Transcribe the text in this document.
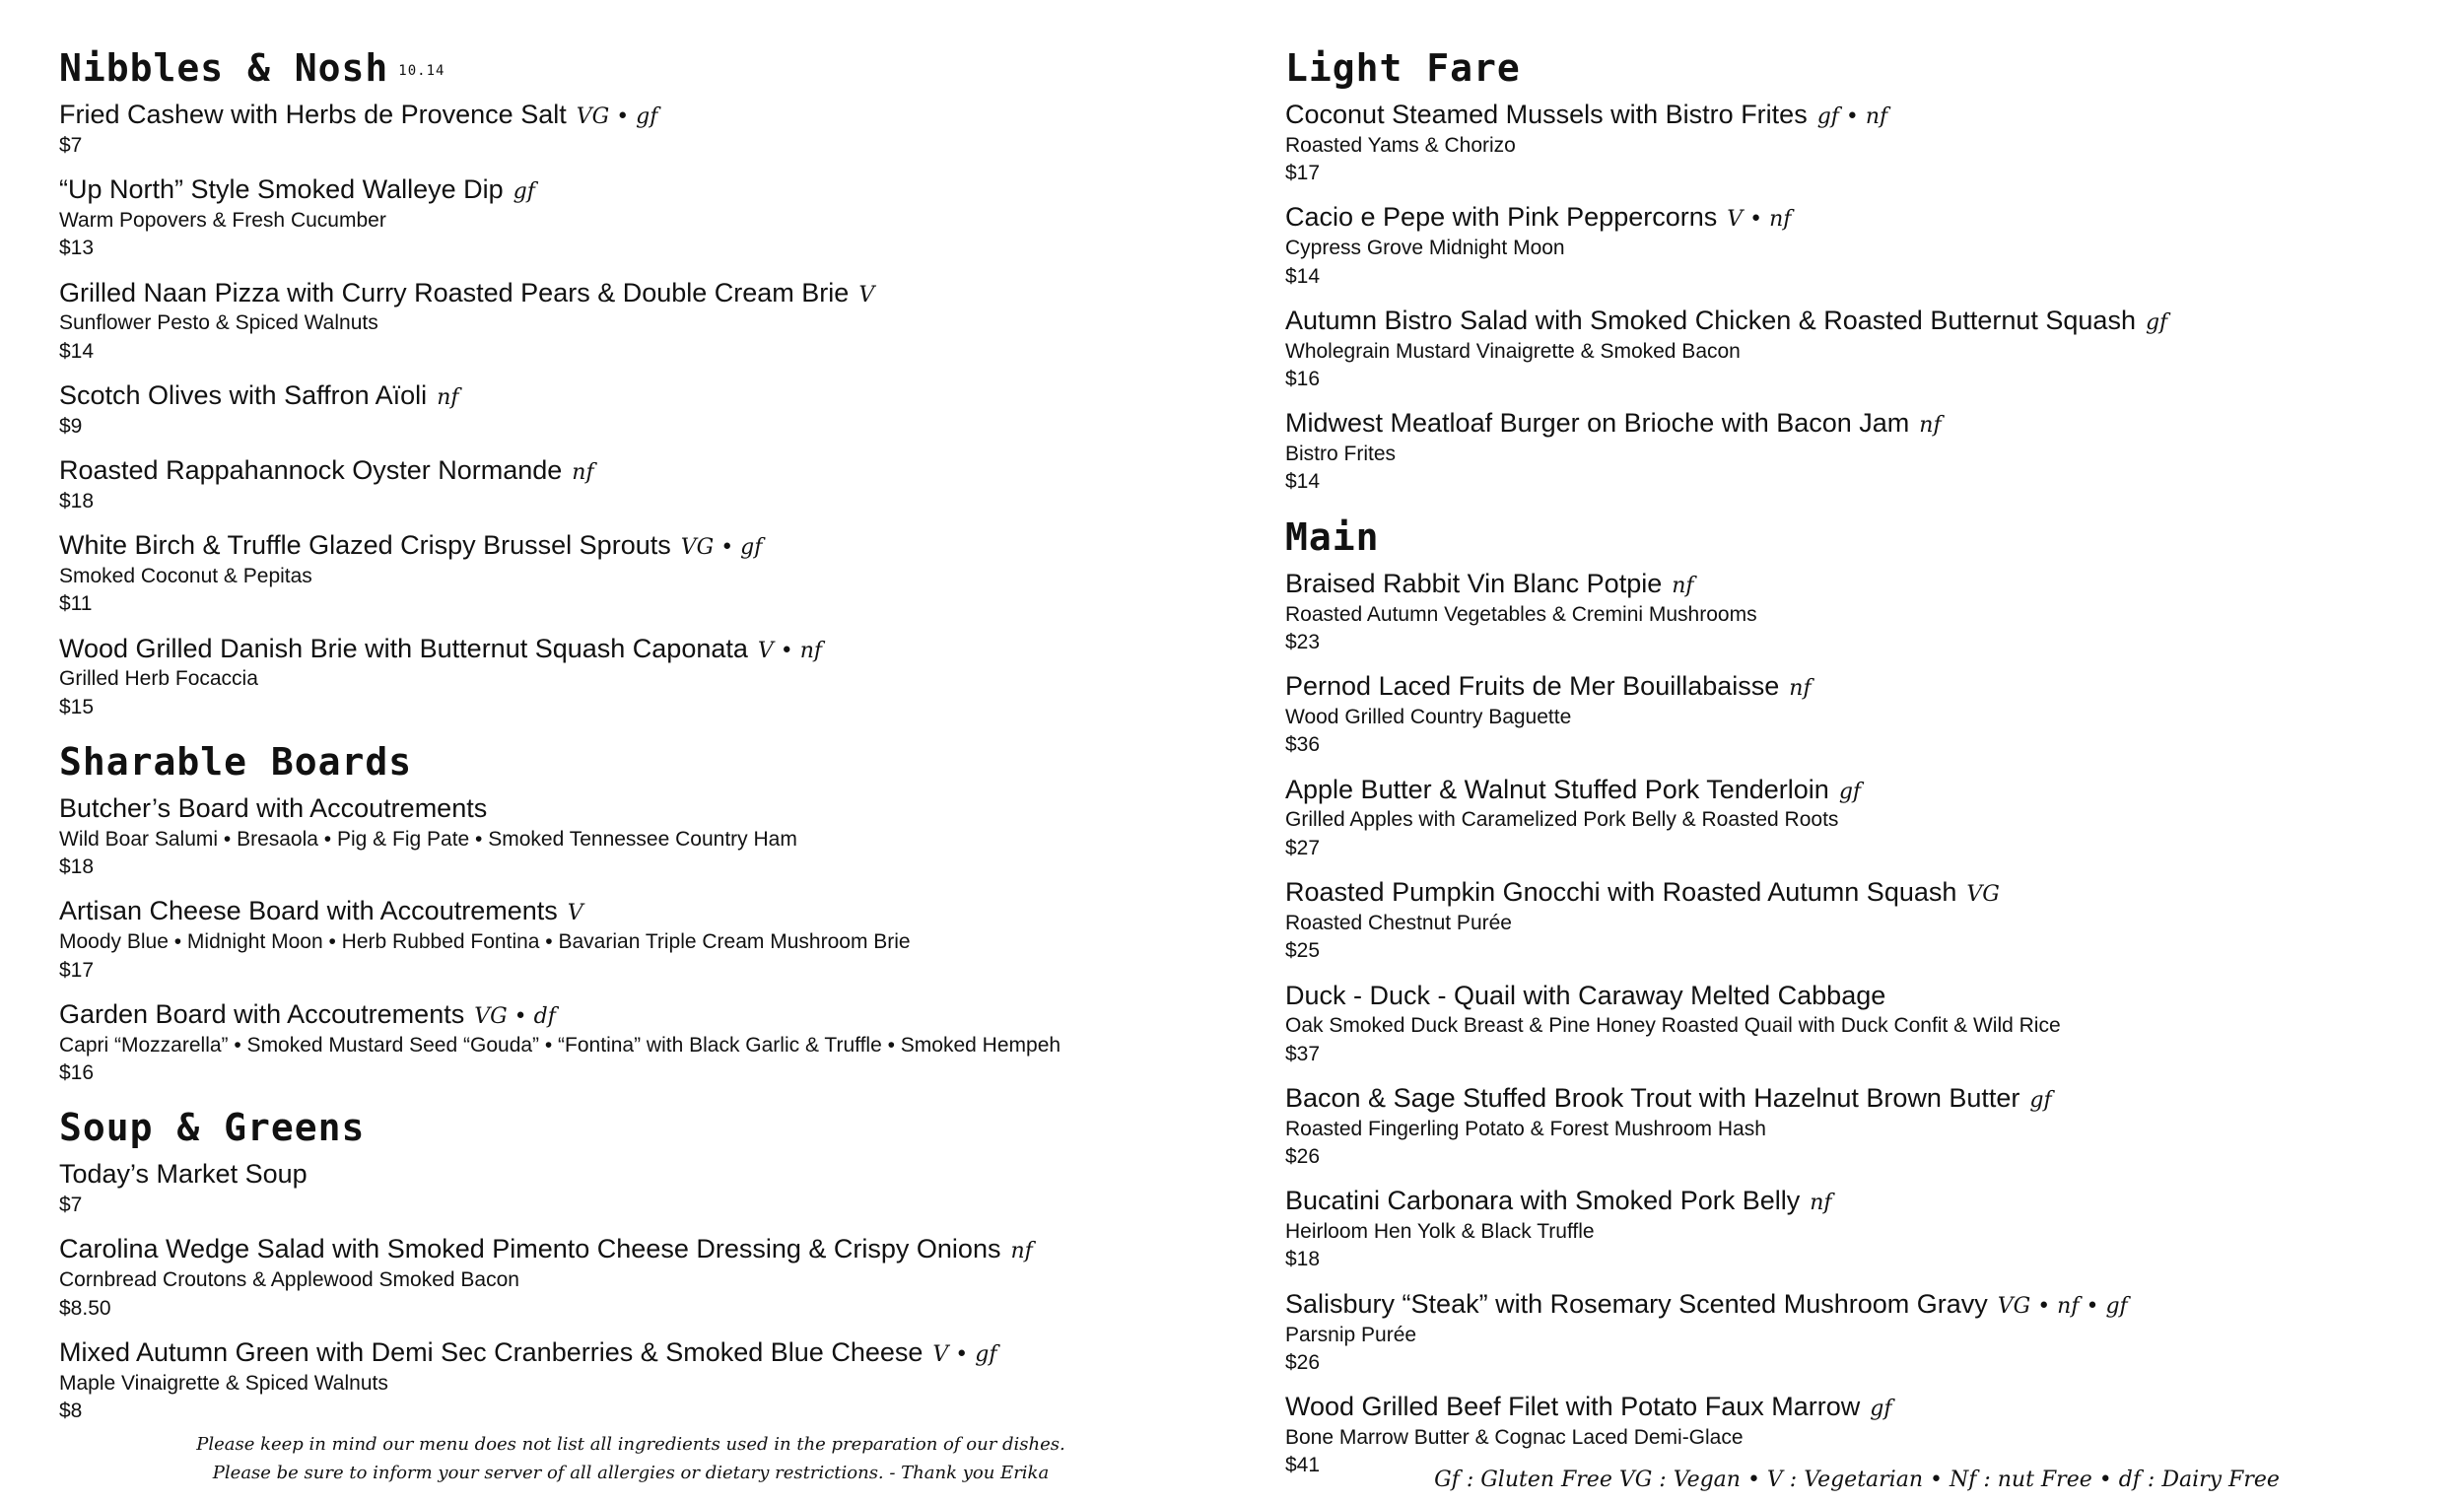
Nibbles & Nosh 10.14
Fried Cashew with Herbs de Provence Salt VG • gf
$7
“Up North” Style Smoked Walleye Dip gf
Warm Popovers & Fresh Cucumber
$13
Grilled Naan Pizza with Curry Roasted Pears & Double Cream Brie V
Sunflower Pesto & Spiced Walnuts
$14
Scotch Olives with Saffron Aïoli nf
$9
Roasted Rappahannock Oyster Normande nf
$18
White Birch & Truffle Glazed Crispy Brussel Sprouts VG • gf
Smoked Coconut & Pepitas
$11
Wood Grilled Danish Brie with Butternut Squash Caponata V • nf
Grilled Herb Focaccia
$15
Sharable Boards
Butcher’s Board with Accoutrements
Wild Boar Salumi • Bresaola • Pig & Fig Pate • Smoked Tennessee Country Ham
$18
Artisan Cheese Board with Accoutrements V
Moody Blue • Midnight Moon • Herb Rubbed Fontina • Bavarian Triple Cream Mushroom Brie
$17
Garden Board with Accoutrements VG • df
Capri “Mozzarella” • Smoked Mustard Seed “Gouda” • “Fontina” with Black Garlic & Truffle • Smoked Hempeh
$16
Soup & Greens
Today’s Market Soup
$7
Carolina Wedge Salad with Smoked Pimento Cheese Dressing & Crispy Onions nf
Cornbread Croutons & Applewood Smoked Bacon
$8.50
Mixed Autumn Green with Demi Sec Cranberries & Smoked Blue Cheese V • gf
Maple Vinaigrette & Spiced Walnuts
$8
Please keep in mind our menu does not list all ingredients used in the preparation of our dishes.
Please be sure to inform your server of all allergies or dietary restrictions. - Thank you Erika
Light Fare
Coconut Steamed Mussels with Bistro Frites gf • nf
Roasted Yams & Chorizo
$17
Cacio e Pepe with Pink Peppercorns V • nf
Cypress Grove Midnight Moon
$14
Autumn Bistro Salad with Smoked Chicken & Roasted Butternut Squash gf
Wholegrain Mustard Vinaigrette & Smoked Bacon
$16
Midwest Meatloaf Burger on Brioche with Bacon Jam nf
Bistro Frites
$14
Main
Braised Rabbit Vin Blanc Potpie nf
Roasted Autumn Vegetables & Cremini Mushrooms
$23
Pernod Laced Fruits de Mer Bouillabaisse nf
Wood Grilled Country Baguette
$36
Apple Butter & Walnut Stuffed Pork Tenderloin gf
Grilled Apples with Caramelized Pork Belly & Roasted Roots
$27
Roasted Pumpkin Gnocchi with Roasted Autumn Squash VG
Roasted Chestnut Purée
$25
Duck - Duck - Quail with Caraway Melted Cabbage
Oak Smoked Duck Breast & Pine Honey Roasted Quail with Duck Confit & Wild Rice
$37
Bacon & Sage Stuffed Brook Trout with Hazelnut Brown Butter gf
Roasted Fingerling Potato & Forest Mushroom Hash
$26
Bucatini Carbonara with Smoked Pork Belly nf
Heirloom Hen Yolk & Black Truffle
$18
Salisbury “Steak” with Rosemary Scented Mushroom Gravy VG • nf • gf
Parsnip Purée
$26
Wood Grilled Beef Filet with Potato Faux Marrow gf
Bone Marrow Butter & Cognac Laced Demi-Glace
$41
Gf : Gluten Free VG : Vegan • V : Vegetarian • Nf : nut Free • df : Dairy Free
